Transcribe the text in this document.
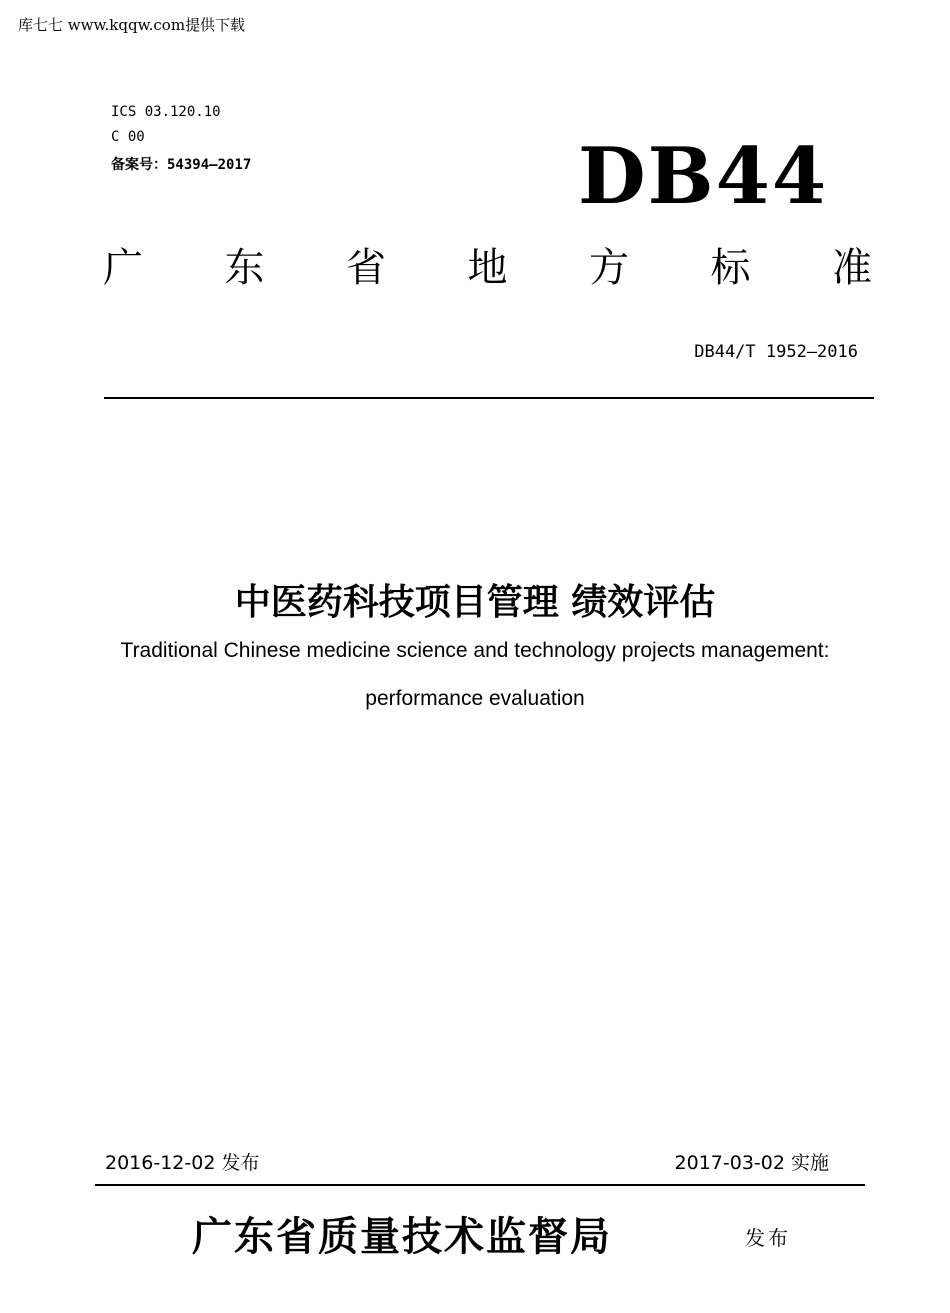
库七七 www.kqqw.com提供下载
ICS 03.120.10
C 00
备案号：54394—2017	DB44
广 东 省 地 方 标 准
DB44/T 1952—2016
中医药科技项目管理 绩效评估
Traditional Chinese medicine science and technology projects management:
performance evaluation
2016-12-02 发布	2017-03-02 实施
广东省质量技术监督局	发布
